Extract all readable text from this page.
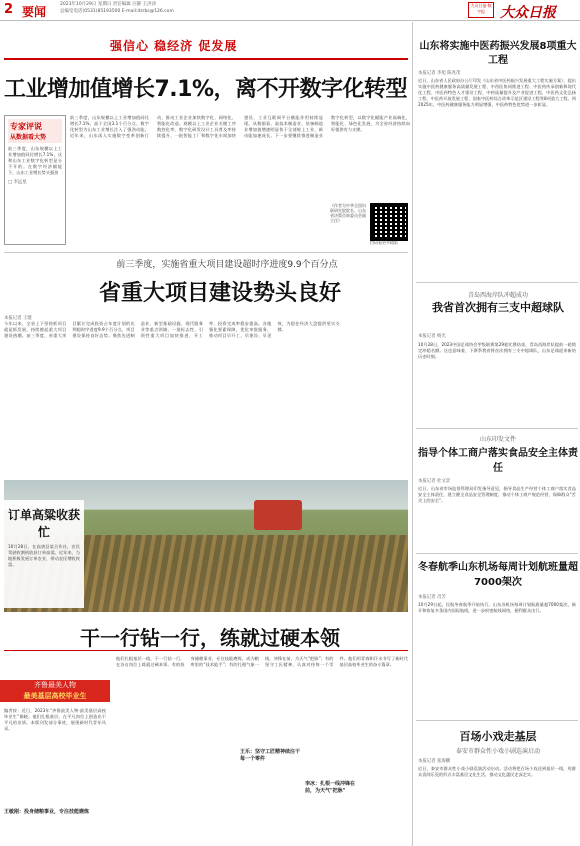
2 要闻
2023年10月29日 星期日 责任编辑 汪静 王洪涛
总编室电话(0531)85193500 E-mail:dzrbs@126.com
大众日报·数字报	大众日报
强信心 稳经济 促发展
工业增加值增长7.1%，离不开数字化转型
专家评说
从数据看大势
前三季度，山东规模以上工业增加值同比增长7.1%，这和山东工业数字化转型是分不开的。在数字经济赋能下，山东工业增长势头强劲
□ 李远星
前三季度，山东规模以上工业增加值同比增长7.1%，高于全国3.1个百分点。数字化转型为山东工业增长注入了强劲动能。近年来，山东深入实施数字变革创新行动，推动工业企业加快数字化、网络化、智能化改造。规模以上工业企业关键工序数控化率、数字化研发设计工具普及率持续提升，一批智能工厂和数字化车间加快建设，工业互联网平台赋能作用持续显现。从数据看，高技术制造业、装备制造业增加值增速明显快于全部规上工业，新动能加速成长。下一步要继续推进制造业数字化转型，以数字化赋能产业高端化、智能化、绿色化发展，为全省经济持续向好提供有力支撑。
《作者为中华全国妇联研究院院长、山东省决策咨询委员会副主任》
扫码看更多精彩
前三季度，实施省重大项目建设超时序进度9.9个百分点
省重大项目建设势头良好
本报记者 王建
今年以来，全省上下坚持抓项目就是抓发展，持续掀起重大项目建设热潮。前三季度，省重大项目累计完成投资占年度计划的比例超时序进度9.9个百分点，项目建设保持良好态势。聚焦先进制造业、新型基础设施、现代服务业等重点领域，一批标志性、引领性重大项目加快推进，开工率、投资完成率稳步提高。各地强化要素保障，优化审批服务，推动项目早开工、早建设、早见效，为稳住经济大盘提供坚实支撑。
订单高粱收获忙
10月28日，在高唐县某合作社，农民驾驶收割机收获订单高粱。近年来，当地积极发展订单农业，带动农民增收致富。
干一行钻一行，练就过硬本领
齐鲁最美人物
最美基层高校毕业生
编者按：近日，2023年“齐鲁最美人物·最美基层高校毕业生”揭晓。他们扎根基层，在平凡岗位上创造出不平凡的业绩。本版刊发部分事迹，展现新时代青年风采。
王敏刚：投身储粮事业，专注技能磨炼
他们扎根基层一线，干一行钻一行，在各自岗位上练就过硬本领。有的投身储粮事业，专注技能磨炼，成为粮库里的“技术能手”；有的扎根气象一线，冲锋在前，为天气“把脉”；有的坚守工匠精神，认真对待每一个零件。他们用青春和汗水书写了新时代基层高校毕业生的奋斗篇章。
王乐：坚守工匠精神续注干每一个零件
李冰：扎根一线冲锋在前，为天气"把脉"
山东将实施中医药振兴发展8项重大工程
本报记者 李旭 陈兆茂
近日，山东省人民政府办公厅印发《山东省中医药振兴发展重大工程实施方案》，提出实施中医药健康服务高质量发展工程、中西医协同推进工程、中医药传承创新和现代化工程、中医药特色人才建设工程、中药质量提升及产业促进工程、中医药文化弘扬工程、中医药开放发展工程、国家中医药综合改革示范区建设工程等8项重大工程。到2025年，中医药健康服务能力明显增强，中医药特色优势进一步彰显。
青岛西海岸队冲超成功
我省首次拥有三支中超球队
本报记者 杨光
10月28日，2023中国足球协会甲级联赛第29轮比赛结束，青岛西海岸队提前一轮锁定冲超名额。这也意味着，下赛季我省将首次拥有三支中超球队，山东足球迎来新的历史时刻。
山东印发文件
指导个体工商户落实食品安全主体责任
本报记者 杜文景
近日，山东省市场监督管理局印发指导意见，指导食品生产经营个体工商户落实食品安全主体责任，建立健全食品安全管理制度，推动个体工商户规范经营，保障群众“舌尖上的安全”。
冬春航季山东机场每周计划航班量超7000架次
本报记者 肖芳
10月29日起，民航冬春航季开始执行。山东各机场每周计划航班量超7000架次，新开和恢复多条国内国际航线，进一步织密航线网络，便利群众出行。
百场小戏走基层
泰安市群众性小戏小剧巡演启动
本报记者 张海鹏
近日，泰安市群众性小戏小剧巡演活动启动。活动将把百场小戏送到基层一线，用群众喜闻乐见的形式丰富基层文化生活，推动文化惠民走深走实。
